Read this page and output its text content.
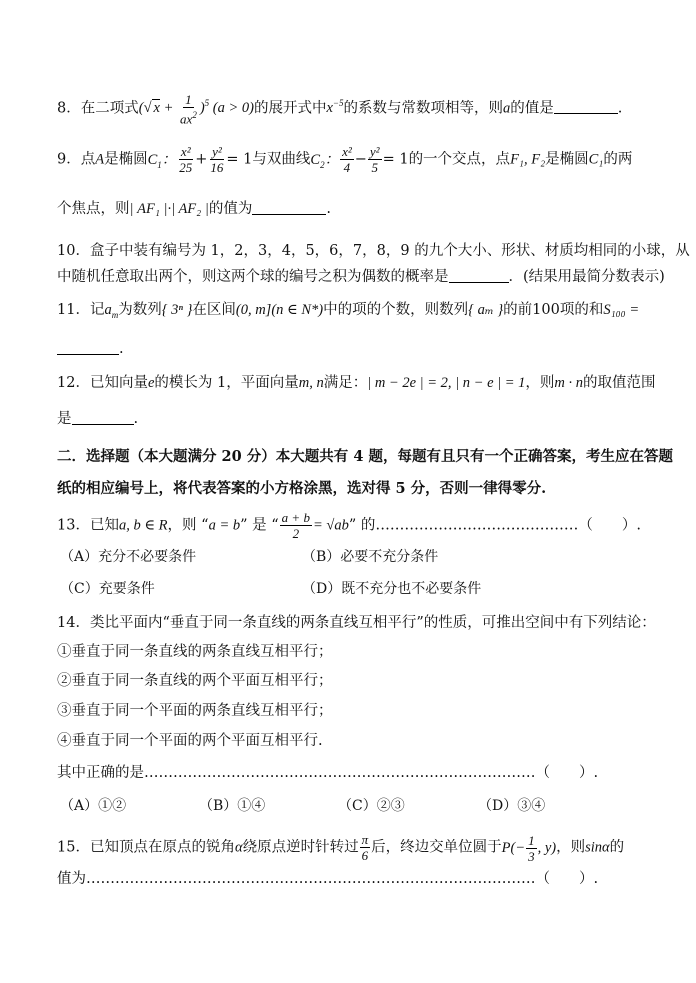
8．在二项式(√ $x + \frac{1}{ax^2} )^5$ (a > 0)的展开式中$x^{-5}$的系数与常数项相等，则a的值是	.
9．点A是椭圆$C_1$： $\frac{\text{x²}}{25} + \frac{\text{y²}}{16} = 1$与双曲线$C_2$： $\frac{\text{x²}}{4} - \frac{\text{y²}}{5} = 1$的一个交点，点F₁, F₂是椭圆C₁的两
个焦点，则| AF₁ |·| AF₂ |的值为	.
10．盒子中装有编号为 1，2，3，4，5，6，7，8，9 的九个大小、形状、材质均相同的小球，从
中随机任意取出两个，则这两个球的编号之积为偶数的概率是	．(结果用最简分数表示)
11．记$a_m$为数列{ 3ⁿ }在区间(0, m](n ∈ N*)中的项的个数，则数列{ aₘ }的前100项的和S₁₀₀ =
.
12．已知向量e的模长为 1，平面向量m, n满足：| m − 2e | = 2, | n − e | = 1，则m · n的取值范围
是	.
二．选择题（本大题满分 20 分）本大题共有 4 题，每题有且只有一个正确答案，考生应在答题
纸的相应编号上，将代表答案的小方格涂黑，选对得 5 分，否则一律得零分.
13．已知a, b ∈ R，则 “a = b” 是 “ $\frac{a + b}{2} = √ab$” 的……………………………………（　　）.
（A）充分不必要条件	（B）必要不充分条件
（C）充要条件	（D）既不充分也不必要条件
14．类比平面内“垂直于同一条直线的两条直线互相平行”的性质，可推出空间中有下列结论：
①垂直于同一条直线的两条直线互相平行；
②垂直于同一条直线的两个平面互相平行；
③垂直于同一个平面的两条直线互相平行；
④垂直于同一个平面的两个平面互相平行.
其中正确的是………………………………………………………………………（　　）.
（A）①②	（B）①④	（C）②③	（D）③④
15．已知顶点在原点的锐角α绕原点逆时针转过 $\frac{\pi}{6}$ 后，终边交单位圆于$P(- \frac{1}{3}$ , y)，则sinα的
值为…………………………………………………………………………………（　　）.
